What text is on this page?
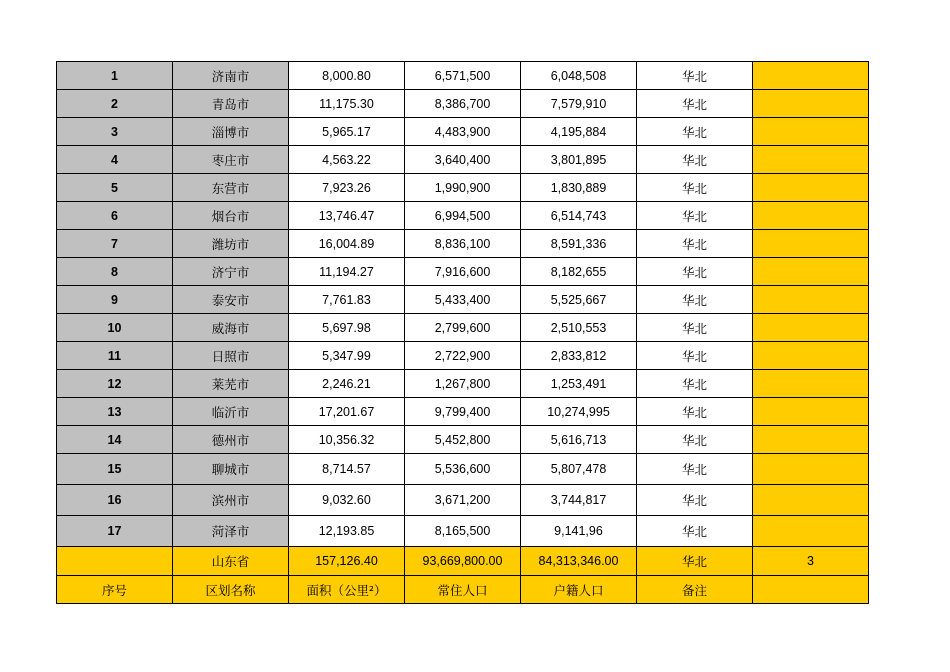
1	济南市	8,000.80	6,571,500	6,048,508	华北	
2	青岛市	11,175.30	8,386,700	7,579,910	华北	
3	淄博市	5,965.17	4,483,900	4,195,884	华北	
4	枣庄市	4,563.22	3,640,400	3,801,895	华北	
5	东营市	7,923.26	1,990,900	1,830,889	华北	
6	烟台市	13,746.47	6,994,500	6,514,743	华北	
7	潍坊市	16,004.89	8,836,100	8,591,336	华北	
8	济宁市	11,194.27	7,916,600	8,182,655	华北	
9	泰安市	7,761.83	5,433,400	5,525,667	华北	
10	威海市	5,697.98	2,799,600	2,510,553	华北	
11	日照市	5,347.99	2,722,900	2,833,812	华北	
12	莱芜市	2,246.21	1,267,800	1,253,491	华北	
13	临沂市	17,201.67	9,799,400	10,274,995	华北	
14	德州市	10,356.32	5,452,800	5,616,713	华北	
15	聊城市	8,714.57	5,536,600	5,807,478	华北	
16	滨州市	9,032.60	3,671,200	3,744,817	华北	
17	菏泽市	12,193.85	8,165,500	9,141,96	华北	
	山东省	157,126.40	93,669,800.00	84,313,346.00	华北	3
序号	区划名称	面积（公里²）	常住人口	户籍人口	备注	
